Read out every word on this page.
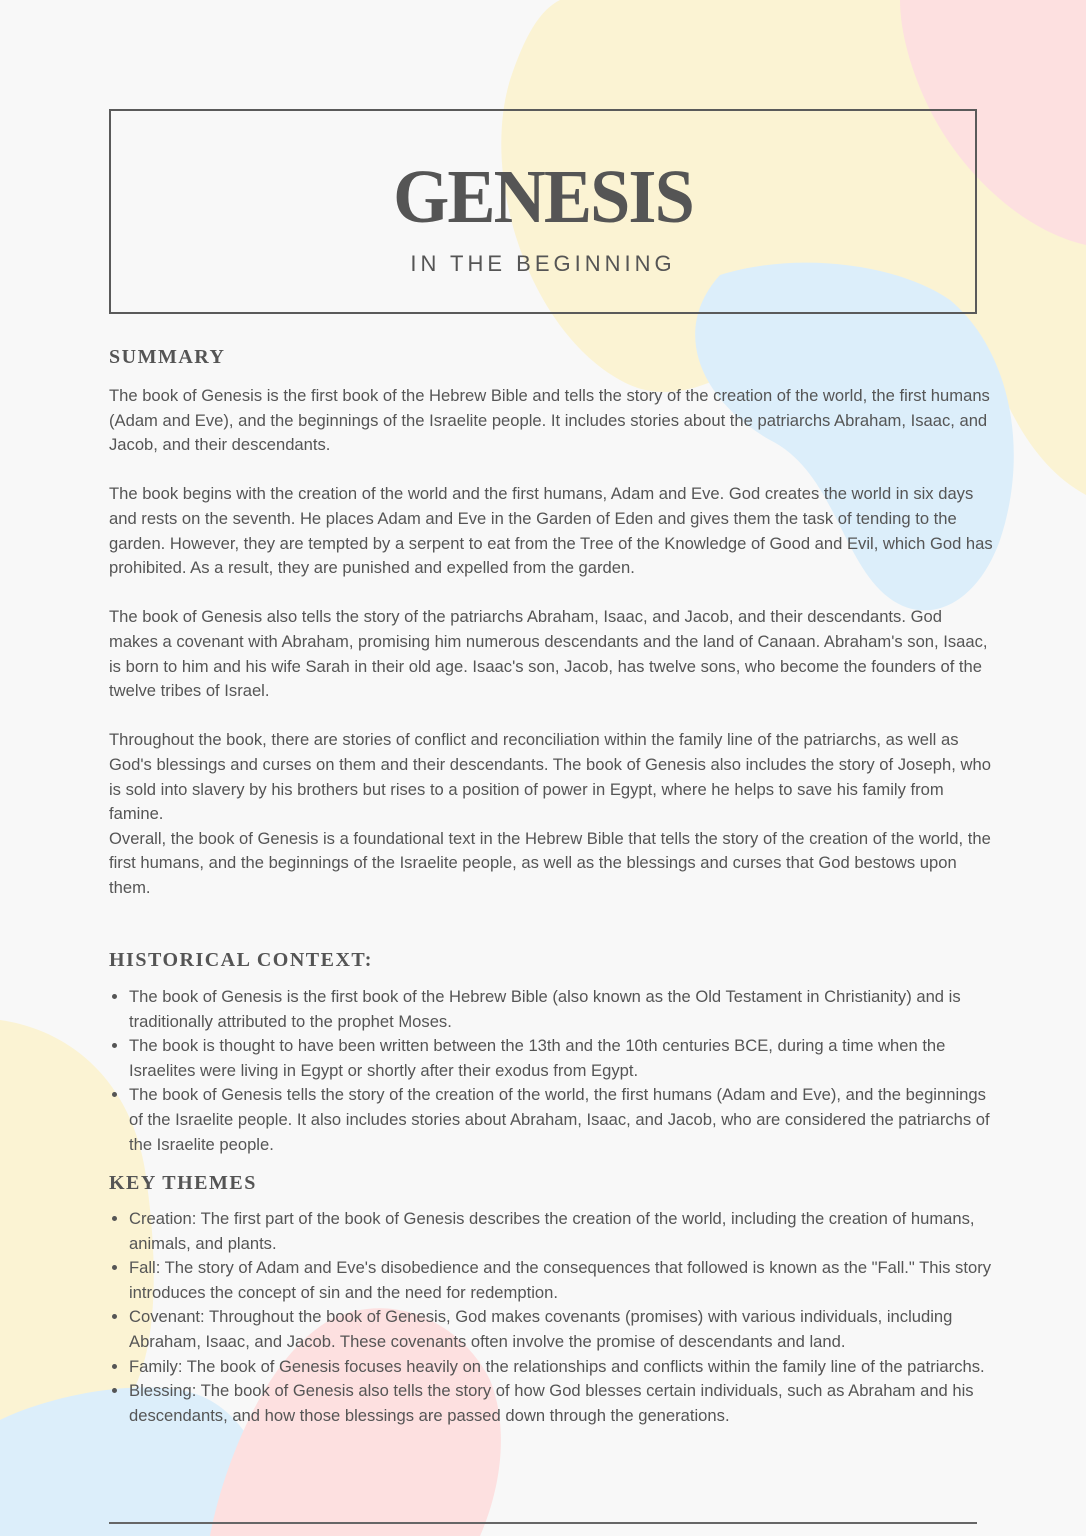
GENESIS
IN THE BEGINNING
SUMMARY

The book of Genesis is the first book of the Hebrew Bible and tells the story of the creation of the world, the first humans (Adam and Eve), and the beginnings of the Israelite people. It includes stories about the patriarchs Abraham, Isaac, and Jacob, and their descendants.

The book begins with the creation of the world and the first humans, Adam and Eve. God creates the world in six days and rests on the seventh. He places Adam and Eve in the Garden of Eden and gives them the task of tending to the garden. However, they are tempted by a serpent to eat from the Tree of the Knowledge of Good and Evil, which God has prohibited. As a result, they are punished and expelled from the garden.

The book of Genesis also tells the story of the patriarchs Abraham, Isaac, and Jacob, and their descendants. God makes a covenant with Abraham, promising him numerous descendants and the land of Canaan. Abraham's son, Isaac, is born to him and his wife Sarah in their old age. Isaac's son, Jacob, has twelve sons, who become the founders of the twelve tribes of Israel.

Throughout the book, there are stories of conflict and reconciliation within the family line of the patriarchs, as well as God's blessings and curses on them and their descendants. The book of Genesis also includes the story of Joseph, who is sold into slavery by his brothers but rises to a position of power in Egypt, where he helps to save his family from famine.

Overall, the book of Genesis is a foundational text in the Hebrew Bible that tells the story of the creation of the world, the first humans, and the beginnings of the Israelite people, as well as the blessings and curses that God bestows upon them.

HISTORICAL CONTEXT:
• The book of Genesis is the first book of the Hebrew Bible (also known as the Old Testament in Christianity) and is traditionally attributed to the prophet Moses.
• The book is thought to have been written between the 13th and the 10th centuries BCE, during a time when the Israelites were living in Egypt or shortly after their exodus from Egypt.
• The book of Genesis tells the story of the creation of the world, the first humans (Adam and Eve), and the beginnings of the Israelite people. It also includes stories about Abraham, Isaac, and Jacob, who are considered the patriarchs of the Israelite people.
KEY THEMES
• Creation: The first part of the book of Genesis describes the creation of the world, including the creation of humans, animals, and plants.
• Fall: The story of Adam and Eve's disobedience and the consequences that followed is known as the "Fall." This story introduces the concept of sin and the need for redemption.
• Covenant: Throughout the book of Genesis, God makes covenants (promises) with various individuals, including Abraham, Isaac, and Jacob. These covenants often involve the promise of descendants and land.
• Family: The book of Genesis focuses heavily on the relationships and conflicts within the family line of the patriarchs.
• Blessing: The book of Genesis also tells the story of how God blesses certain individuals, such as Abraham and his descendants, and how those blessings are passed down through the generations.
